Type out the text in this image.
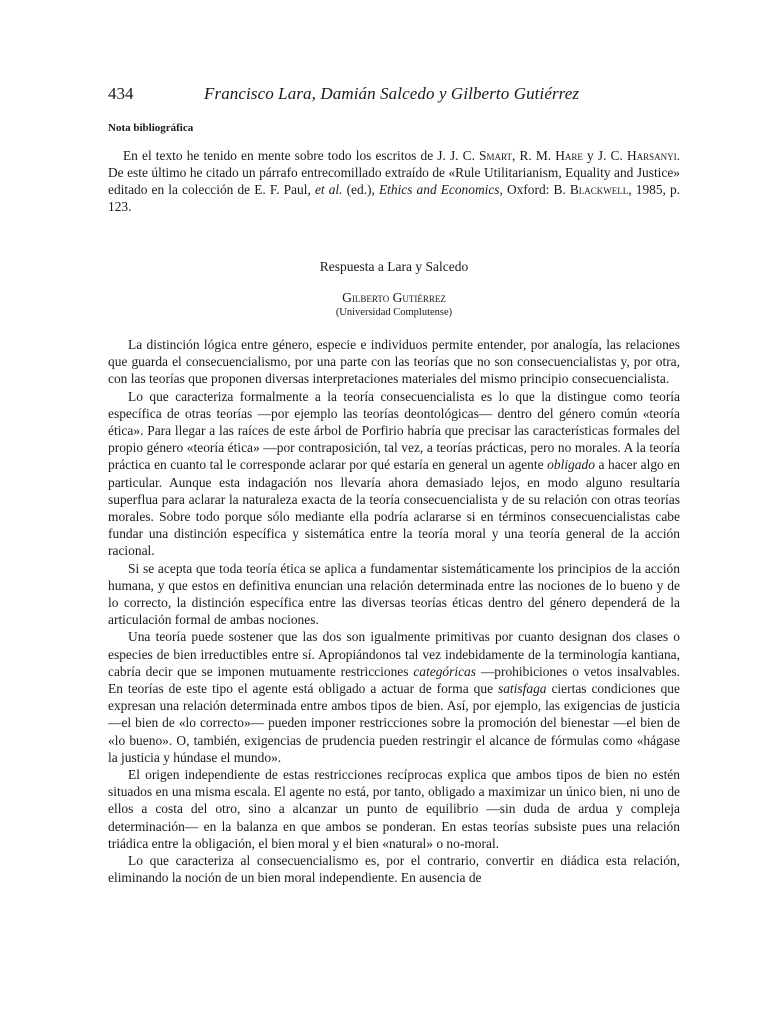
434	Francisco Lara, Damián Salcedo y Gilberto Gutiérrez
Nota bibliográfica

En el texto he tenido en mente sobre todo los escritos de J. J. C. Smart, R. M. Hare y J. C. Harsanyi. De este último he citado un párrafo entrecomillado extraído de «Rule Utilitarianism, Equality and Justice» editado en la colección de E. F. Paul, et al. (ed.), Ethics and Economics, Oxford: B. Blackwell, 1985, p. 123.

Respuesta a Lara y Salcedo
Gilberto Gutiérrez
(Universidad Complutense)

La distinción lógica entre género, especie e individuos permite entender, por analogía, las relaciones que guarda el consecuencialismo, por una parte con las teorías que no son consecuencialistas y, por otra, con las teorías que proponen diversas interpretaciones materiales del mismo principio consecuencialista.

Lo que caracteriza formalmente a la teoría consecuencialista es lo que la distingue como teoría específica de otras teorías —por ejemplo las teorías deontológicas— dentro del género común «teoría ética». Para llegar a las raíces de este árbol de Porfirio habría que precisar las características formales del propio género «teoría ética» —por contraposición, tal vez, a teorías prácticas, pero no morales. A la teoría práctica en cuanto tal le corresponde aclarar por qué estaría en general un agente obligado a hacer algo en particular. Aunque esta indagación nos llevaría ahora demasiado lejos, en modo alguno resultaría superflua para aclarar la naturaleza exacta de la teoría consecuencialista y de su relación con otras teorías morales. Sobre todo porque sólo mediante ella podría aclararse si en términos consecuencialistas cabe fundar una distinción específica y sistemática entre la teoría moral y una teoría general de la acción racional.

Si se acepta que toda teoría ética se aplica a fundamentar sistemáticamente los principios de la acción humana, y que estos en definitiva enuncian una relación determinada entre las nociones de lo bueno y de lo correcto, la distinción específica entre las diversas teorías éticas dentro del género dependerá de la articulación formal de ambas nociones.

Una teoría puede sostener que las dos son igualmente primitivas por cuanto designan dos clases o especies de bien irreductibles entre sí. Apropiándonos tal vez indebidamente de la terminología kantiana, cabría decir que se imponen mutuamente restricciones categóricas —prohibiciones o vetos insalvables. En teorías de este tipo el agente está obligado a actuar de forma que satisfaga ciertas condiciones que expresan una relación determinada entre ambos tipos de bien. Así, por ejemplo, las exigencias de justicia —el bien de «lo correcto»— pueden imponer restricciones sobre la promoción del bienestar —el bien de «lo bueno». O, también, exigencias de prudencia pueden restringir el alcance de fórmulas como «hágase la justicia y húndase el mundo».

El origen independiente de estas restricciones recíprocas explica que ambos tipos de bien no estén situados en una misma escala. El agente no está, por tanto, obligado a maximizar un único bien, ni uno de ellos a costa del otro, sino a alcanzar un punto de equilibrio —sin duda de ardua y compleja determinación— en la balanza en que ambos se ponderan. En estas teorías subsiste pues una relación triádica entre la obligación, el bien moral y el bien «natural» o no-moral.

Lo que caracteriza al consecuencialismo es, por el contrario, convertir en diádica esta relación, eliminando la noción de un bien moral independiente. En ausencia de
